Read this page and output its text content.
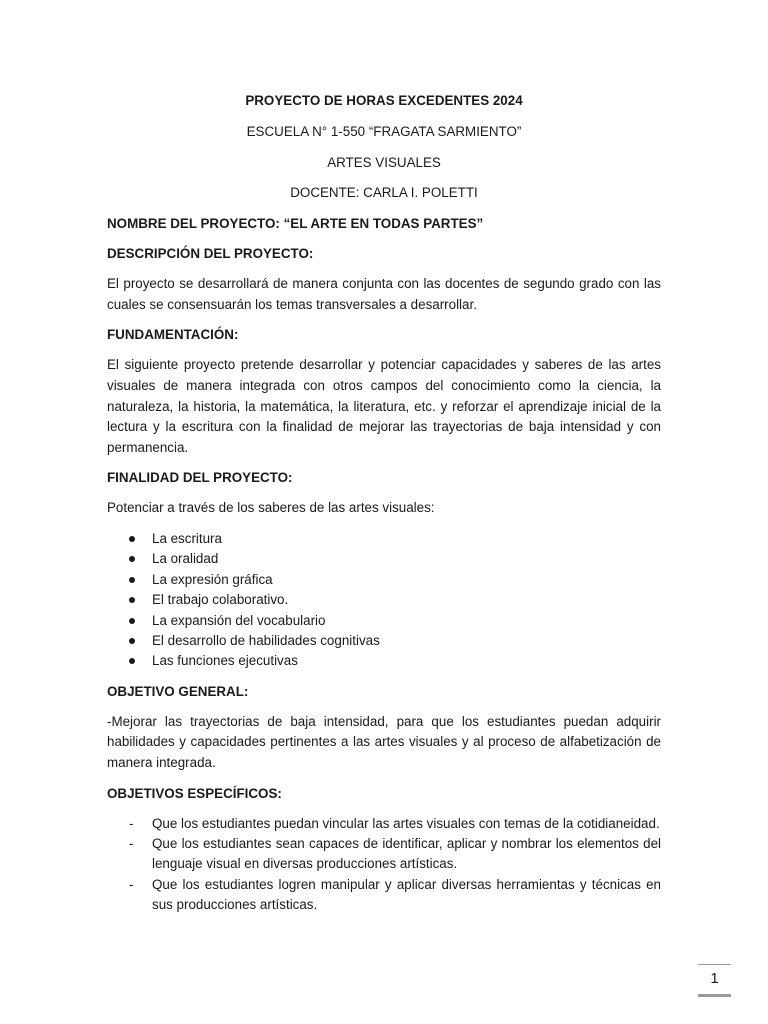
PROYECTO DE HORAS EXCEDENTES 2024

ESCUELA N° 1-550 “FRAGATA SARMIENTO”

ARTES VISUALES

DOCENTE: CARLA I. POLETTI

NOMBRE DEL PROYECTO: “EL ARTE EN TODAS PARTES”

DESCRIPCIÓN DEL PROYECTO:

El proyecto se desarrollará de manera conjunta con las docentes de segundo grado con las cuales se consensuarán los temas transversales a desarrollar.

FUNDAMENTACIÓN:

El siguiente proyecto pretende desarrollar y potenciar capacidades y saberes de las artes visuales de manera integrada con otros campos del conocimiento como la ciencia, la naturaleza, la historia, la matemática, la literatura, etc. y reforzar el aprendizaje inicial de la lectura y la escritura con la finalidad de mejorar las trayectorias de baja intensidad y con permanencia.

FINALIDAD DEL PROYECTO:

Potenciar a través de los saberes de las artes visuales:

La escritura
La oralidad
La expresión gráfica
El trabajo colaborativo.
La expansión del vocabulario
El desarrollo de habilidades cognitivas
Las funciones ejecutivas

OBJETIVO GENERAL:

-Mejorar las trayectorias de baja intensidad, para que los estudiantes puedan adquirir habilidades y capacidades pertinentes a las artes visuales y al proceso de alfabetización de manera integrada.

OBJETIVOS ESPECÍFICOS:

- Que los estudiantes puedan vincular las artes visuales con temas de la cotidianeidad.
- Que los estudiantes sean capaces de identificar, aplicar y nombrar los elementos del lenguaje visual en diversas producciones artísticas.
- Que los estudiantes logren manipular y aplicar diversas herramientas y técnicas en sus producciones artísticas.
1
